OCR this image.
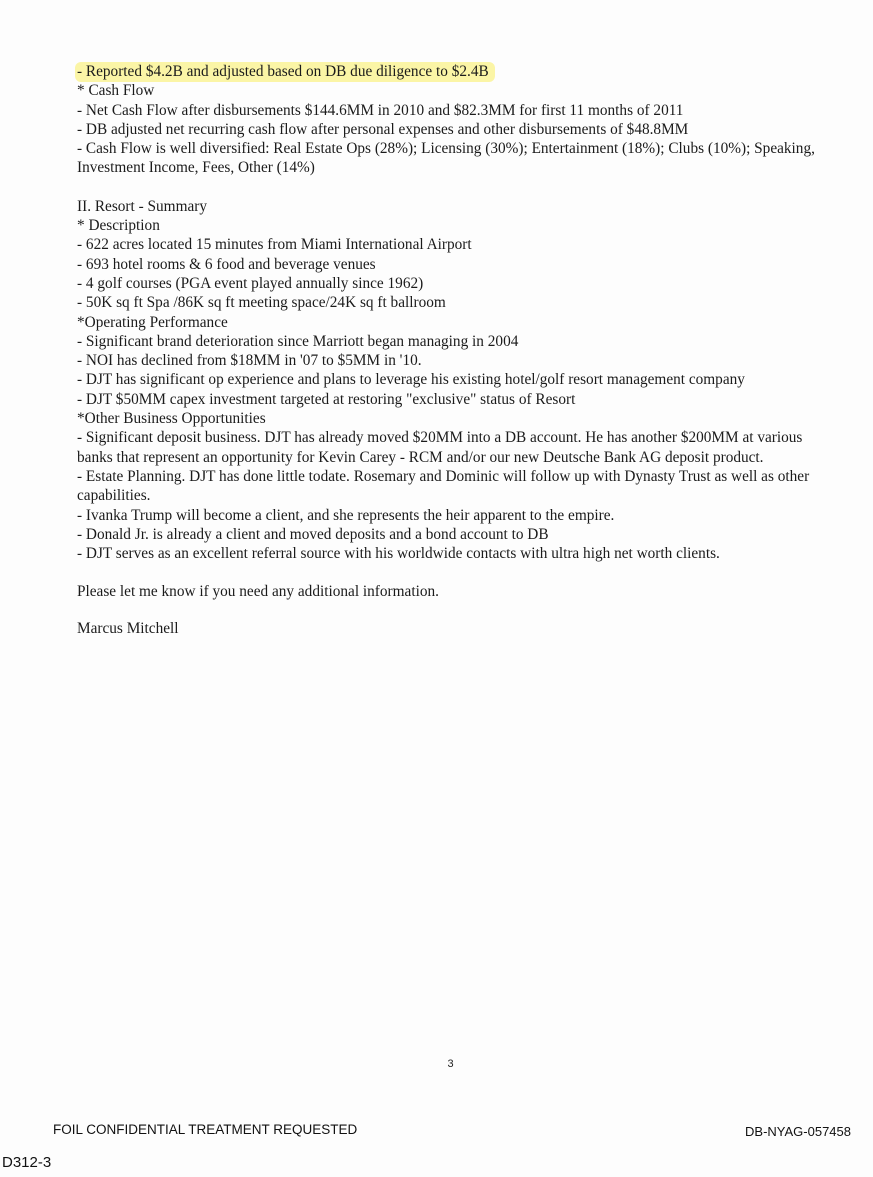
- Reported $4.2B and adjusted based on DB due diligence to $2.4B
* Cash Flow
- Net Cash Flow after disbursements $144.6MM in 2010 and $82.3MM for first 11 months of 2011
- DB adjusted net recurring cash flow after personal expenses and other disbursements of $48.8MM
- Cash Flow is well diversified: Real Estate Ops (28%); Licensing (30%); Entertainment (18%); Clubs (10%); Speaking, Investment Income, Fees, Other (14%)
II. Resort - Summary
* Description
- 622 acres located 15 minutes from Miami International Airport
- 693 hotel rooms & 6 food and beverage venues
- 4 golf courses (PGA event played annually since 1962)
- 50K sq ft Spa /86K sq ft meeting space/24K sq ft ballroom
*Operating Performance
- Significant brand deterioration since Marriott began managing in 2004
- NOI has declined from $18MM in '07 to $5MM in '10.
- DJT has significant op experience and plans to leverage his existing hotel/golf resort management company
- DJT $50MM capex investment targeted at restoring "exclusive" status of Resort
*Other Business Opportunities
- Significant deposit business. DJT has already moved $20MM into a DB account. He has another $200MM at various banks that represent an opportunity for Kevin Carey - RCM and/or our new Deutsche Bank AG deposit product.
- Estate Planning. DJT has done little todate. Rosemary and Dominic will follow up with Dynasty Trust as well as other capabilities.
- Ivanka Trump will become a client, and she represents the heir apparent to the empire.
- Donald Jr. is already a client and moved deposits and a bond account to DB
- DJT serves as an excellent referral source with his worldwide contacts with ultra high net worth clients.
Please let me know if you need any additional information.
Marcus Mitchell
3
FOIL CONFIDENTIAL TREATMENT REQUESTED	DB-NYAG-057458
D312-3
